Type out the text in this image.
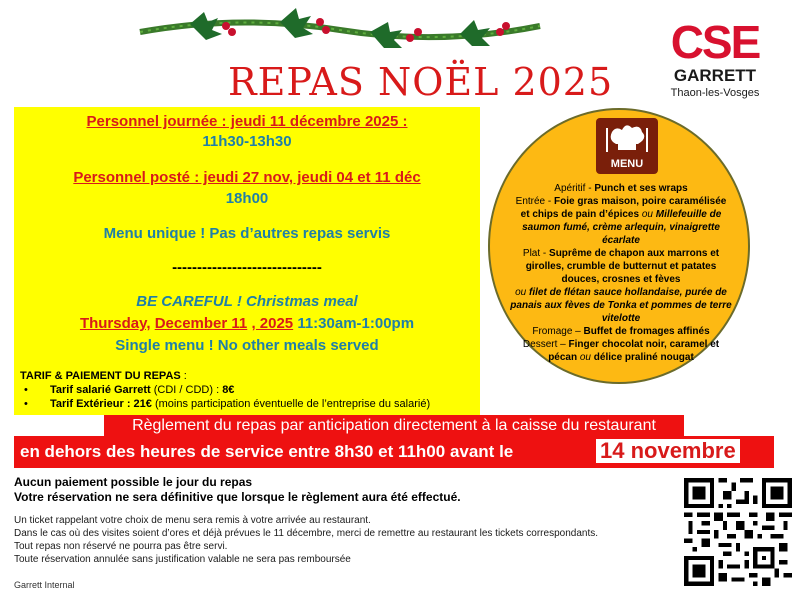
REPAS NOËL 2025
CSE
GARRETT
Thaon-les-Vosges
Personnel journée : jeudi 11 décembre 2025 :
11h30-13h30
Personnel posté : jeudi 27 nov, jeudi 04 et 11 déc
18h00
Menu unique ! Pas d’autres repas servis
------------------------------
BE CAREFUL ! Christmas meal
Thursday, December 11 , 2025 11:30am-1:00pm
Single menu ! No other meals served
TARIF & PAIEMENT DU REPAS :
• Tarif salarié Garrett (CDI / CDD) : 8€
• Tarif Extérieur : 21€ (moins participation éventuelle de l’entreprise du salarié)
MENU

Apéritif - Punch et ses wraps

Entrée - Foie gras maison, poire caramélisée et chips de pain d’épices ou Millefeuille de saumon fumé, crème arlequin, vinaigrette écarlate

Plat - Suprême de chapon aux marrons et girolles, crumble de butternut et patates douces, crosnes et fèves

ou filet de flétan sauce hollandaise, purée de panais aux fèves de Tonka et pommes de terre vitelotte

Fromage – Buffet de fromages affinés

Dessert – Finger chocolat noir, caramel et pécan ou délice praliné nougat

Règlement du repas par anticipation directement à la caisse du restaurant
en dehors des heures de service entre 8h30 et 11h00 avant le	14 novembre !
Aucun paiement possible le jour du repas
Votre réservation ne sera définitive que lorsque le règlement aura été effectué.
Un ticket rappelant votre choix de menu sera remis à votre arrivée au restaurant.
Dans le cas où des visites soient d’ores et déjà prévues le 11 décembre, merci de remettre au restaurant les tickets correspondants.
Tout repas non réservé ne pourra pas être servi.
Toute réservation annulée sans justification valable ne sera pas remboursée
Garrett Internal
